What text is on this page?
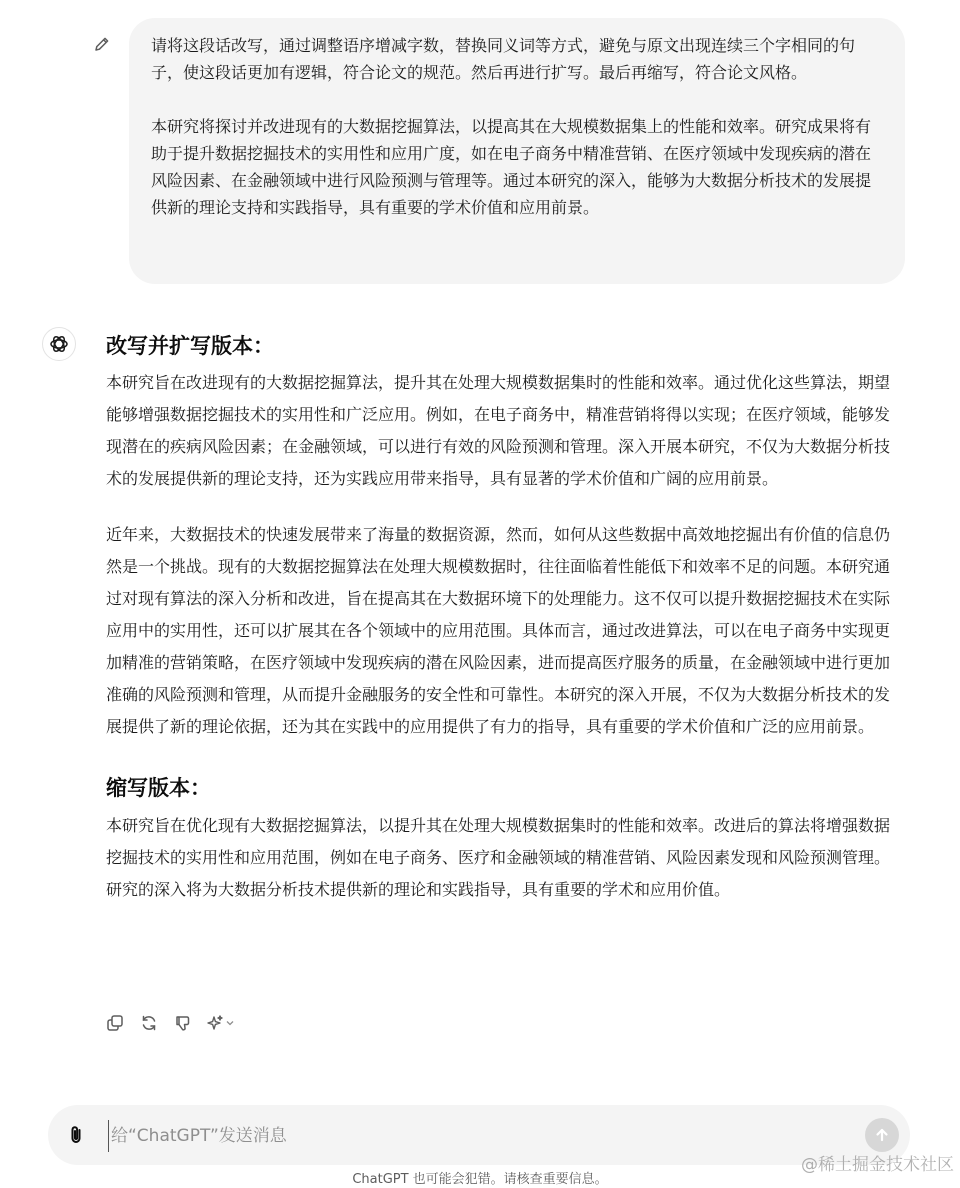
请将这段话改写，通过调整语序增减字数，替换同义词等方式，避免与原文出现连续三个字相同的句子，使这段话更加有逻辑，符合论文的规范。然后再进行扩写。最后再缩写，符合论文风格。

本研究将探讨并改进现有的大数据挖掘算法，以提高其在大规模数据集上的性能和效率。研究成果将有助于提升数据挖掘技术的实用性和应用广度，如在电子商务中精准营销、在医疗领域中发现疾病的潜在风险因素、在金融领域中进行风险预测与管理等。通过本研究的深入，能够为大数据分析技术的发展提供新的理论支持和实践指导，具有重要的学术价值和应用前景。

改写并扩写版本：

本研究旨在改进现有的大数据挖掘算法，提升其在处理大规模数据集时的性能和效率。通过优化这些算法，期望能够增强数据挖掘技术的实用性和广泛应用。例如，在电子商务中，精准营销将得以实现；在医疗领域，能够发现潜在的疾病风险因素；在金融领域，可以进行有效的风险预测和管理。深入开展本研究，不仅为大数据分析技术的发展提供新的理论支持，还为实践应用带来指导，具有显著的学术价值和广阔的应用前景。

近年来，大数据技术的快速发展带来了海量的数据资源，然而，如何从这些数据中高效地挖掘出有价值的信息仍然是一个挑战。现有的大数据挖掘算法在处理大规模数据时，往往面临着性能低下和效率不足的问题。本研究通过对现有算法的深入分析和改进，旨在提高其在大数据环境下的处理能力。这不仅可以提升数据挖掘技术在实际应用中的实用性，还可以扩展其在各个领域中的应用范围。具体而言，通过改进算法，可以在电子商务中实现更加精准的营销策略，在医疗领域中发现疾病的潜在风险因素，进而提高医疗服务的质量，在金融领域中进行更加准确的风险预测和管理，从而提升金融服务的安全性和可靠性。本研究的深入开展，不仅为大数据分析技术的发展提供了新的理论依据，还为其在实践中的应用提供了有力的指导，具有重要的学术价值和广泛的应用前景。

缩写版本：

本研究旨在优化现有大数据挖掘算法，以提升其在处理大规模数据集时的性能和效率。改进后的算法将增强数据挖掘技术的实用性和应用范围，例如在电子商务、医疗和金融领域的精准营销、风险因素发现和风险预测管理。研究的深入将为大数据分析技术提供新的理论和实践指导，具有重要的学术和应用价值。

给“ChatGPT”发送消息
ChatGPT 也可能会犯错。请核查重要信息。
@稀土掘金技术社区
